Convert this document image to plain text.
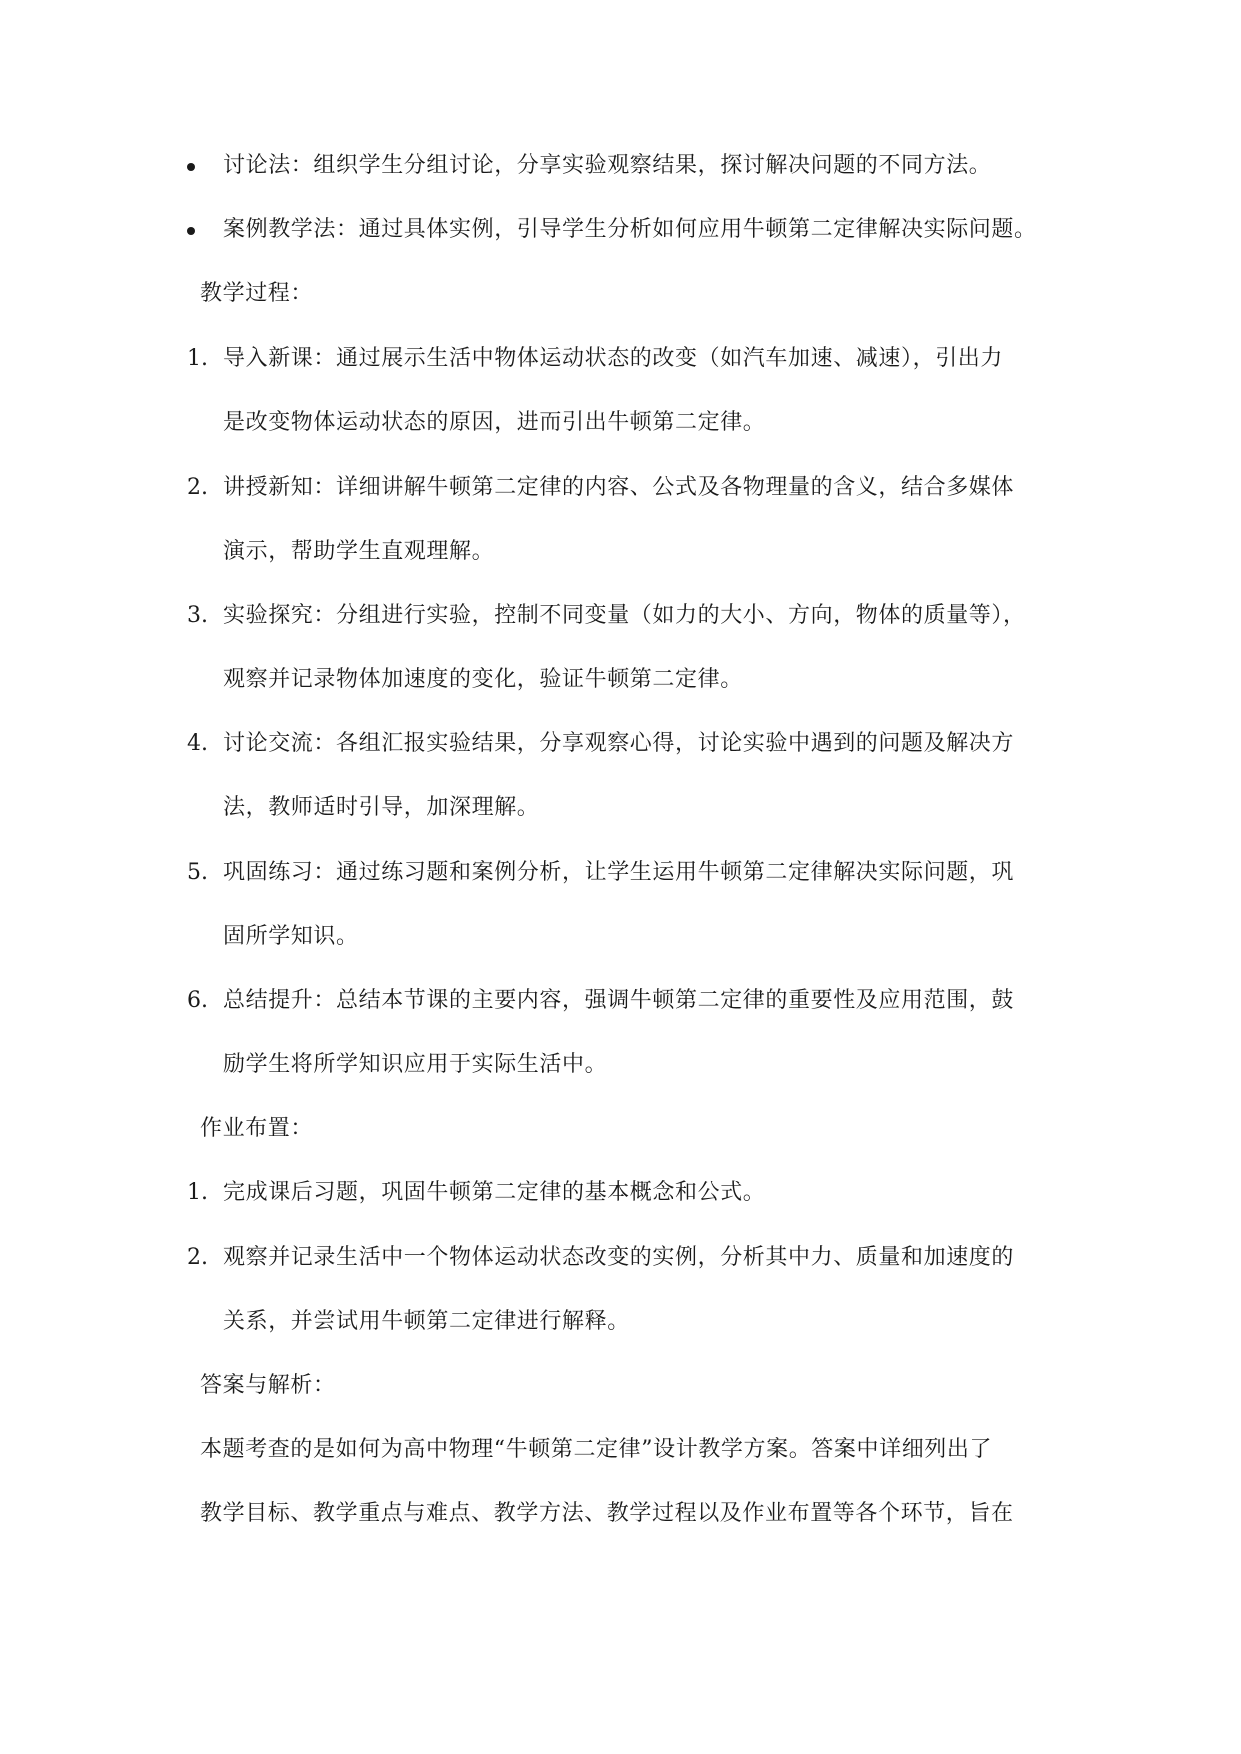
讨论法：组织学生分组讨论，分享实验观察结果，探讨解决问题的不同方法。
案例教学法：通过具体实例，引导学生分析如何应用牛顿第二定律解决实际问题。
教学过程：
1. 导入新课：通过展示生活中物体运动状态的改变（如汽车加速、减速），引出力
是改变物体运动状态的原因，进而引出牛顿第二定律。
2. 讲授新知：详细讲解牛顿第二定律的内容、公式及各物理量的含义，结合多媒体
演示，帮助学生直观理解。
3. 实验探究：分组进行实验，控制不同变量（如力的大小、方向，物体的质量等），
观察并记录物体加速度的变化，验证牛顿第二定律。
4. 讨论交流：各组汇报实验结果，分享观察心得，讨论实验中遇到的问题及解决方
法，教师适时引导，加深理解。
5. 巩固练习：通过练习题和案例分析，让学生运用牛顿第二定律解决实际问题，巩
固所学知识。
6. 总结提升：总结本节课的主要内容，强调牛顿第二定律的重要性及应用范围，鼓
励学生将所学知识应用于实际生活中。
作业布置：
1. 完成课后习题，巩固牛顿第二定律的基本概念和公式。
2. 观察并记录生活中一个物体运动状态改变的实例，分析其中力、质量和加速度的
关系，并尝试用牛顿第二定律进行解释。
答案与解析：
本题考查的是如何为高中物理“牛顿第二定律”设计教学方案。答案中详细列出了
教学目标、教学重点与难点、教学方法、教学过程以及作业布置等各个环节，旨在
